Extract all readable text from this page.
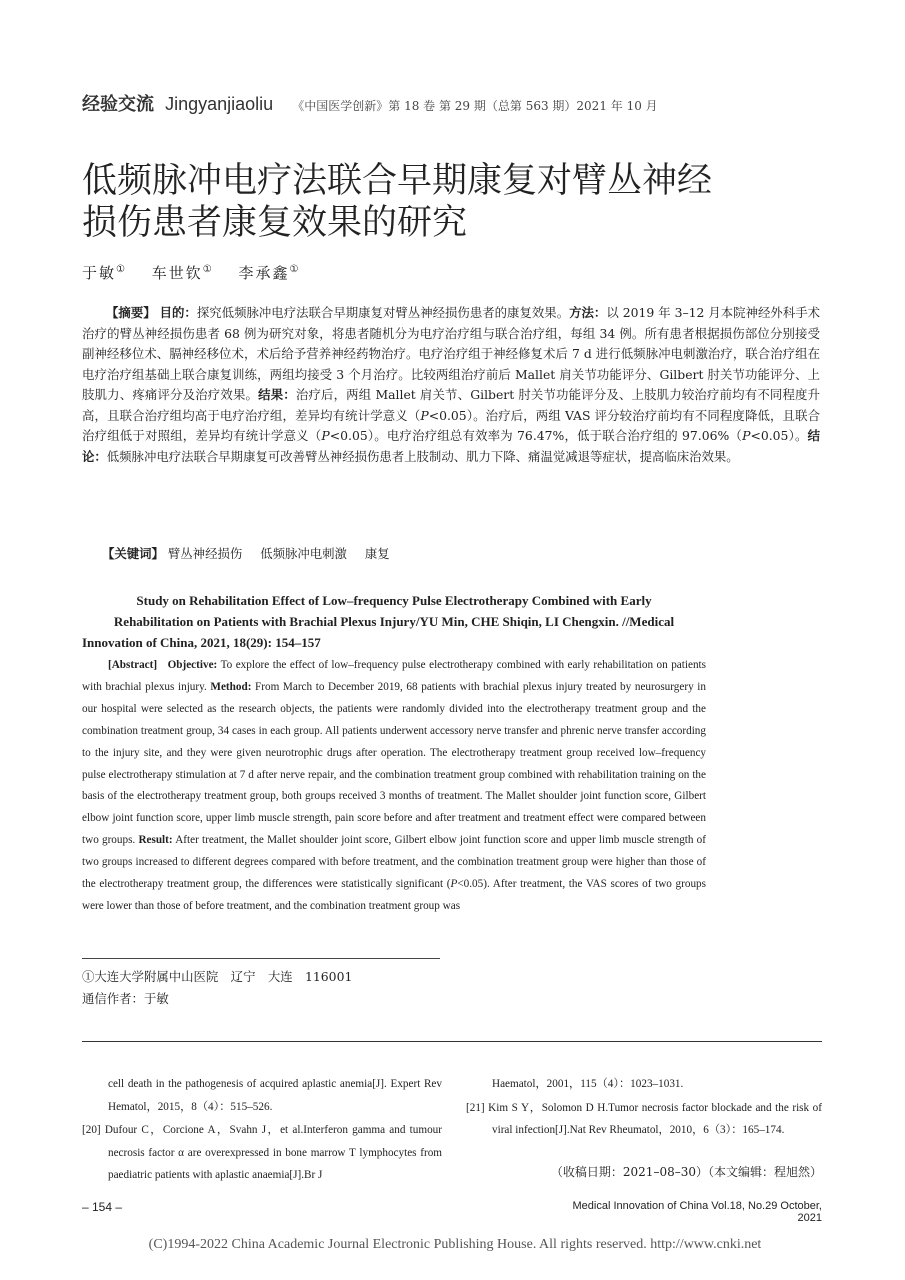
经验交流 Jingyanjiaoliu 《中国医学创新》第 18 卷 第 29 期（总第 563 期）2021 年 10 月
低频脉冲电疗法联合早期康复对臂丛神经
损伤患者康复效果的研究
于敏① 车世钦① 李承鑫①

【摘要】 目的：探究低频脉冲电疗法联合早期康复对臂丛神经损伤患者的康复效果。方法：以 2019 年 3–12 月本院神经外科手术治疗的臂丛神经损伤患者 68 例为研究对象，将患者随机分为电疗治疗组与联合治疗组，每组 34 例。所有患者根据损伤部位分别接受副神经移位术、膈神经移位术，术后给予营养神经药物治疗。电疗治疗组于神经修复术后 7 d 进行低频脉冲电刺激治疗，联合治疗组在电疗治疗组基础上联合康复训练，两组均接受 3 个月治疗。比较两组治疗前后 Mallet 肩关节功能评分、Gilbert 肘关节功能评分、上肢肌力、疼痛评分及治疗效果。结果：治疗后，两组 Mallet 肩关节、Gilbert 肘关节功能评分及、上肢肌力较治疗前均有不同程度升高，且联合治疗组均高于电疗治疗组，差异均有统计学意义（P<0.05）。治疗后，两组 VAS 评分较治疗前均有不同程度降低，且联合治疗组低于对照组，差异均有统计学意义（P<0.05）。电疗治疗组总有效率为 76.47%，低于联合治疗组的 97.06%（P<0.05）。结论：低频脉冲电疗法联合早期康复可改善臂丛神经损伤患者上肢制动、肌力下降、痛温觉减退等症状，提高临床治效果。

【关键词】 臂丛神经损伤 低频脉冲电刺激 康复
Study on Rehabilitation Effect of Low–frequency Pulse Electrotherapy Combined with Early
Rehabilitation on Patients with Brachial Plexus Injury/YU Min, CHE Shiqin, LI Chengxin. //Medical
Innovation of China, 2021, 18(29): 154–157

[Abstract] Objective: To explore the effect of low–frequency pulse electrotherapy combined with early rehabilitation on patients with brachial plexus injury. Method: From March to December 2019, 68 patients with brachial plexus injury treated by neurosurgery in our hospital were selected as the research objects, the patients were randomly divided into the electrotherapy treatment group and the combination treatment group, 34 cases in each group. All patients underwent accessory nerve transfer and phrenic nerve transfer according to the injury site, and they were given neurotrophic drugs after operation. The electrotherapy treatment group received low–frequency pulse electrotherapy stimulation at 7 d after nerve repair, and the combination treatment group combined with rehabilitation training on the basis of the electrotherapy treatment group, both groups received 3 months of treatment. The Mallet shoulder joint function score, Gilbert elbow joint function score, upper limb muscle strength, pain score before and after treatment and treatment effect were compared between two groups. Result: After treatment, the Mallet shoulder joint score, Gilbert elbow joint function score and upper limb muscle strength of two groups increased to different degrees compared with before treatment, and the combination treatment group were higher than those of the electrotherapy treatment group, the differences were statistically significant (P<0.05). After treatment, the VAS scores of two groups were lower than those of before treatment, and the combination treatment group was

①大连大学附属中山医院　辽宁　大连　116001
通信作者：于敏

cell death in the pathogenesis of acquired aplastic anemia[J]. Expert Rev Hematol，2015，8（4）：515–526.

[20] Dufour C，Corcione A，Svahn J，et al.Interferon gamma and tumour necrosis factor α are overexpressed in bone marrow T lymphocytes from paediatric patients with aplastic anaemia[J].Br J

Haematol，2001，115（4）：1023–1031.

[21] Kim S Y，Solomon D H.Tumor necrosis factor blockade and the risk of viral infection[J].Nat Rev Rheumatol，2010，6（3）：165–174.

（收稿日期：2021–08–30）（本文编辑：程旭然）
– 154 –	Medical Innovation of China Vol.18, No.29 October, 2021
(C)1994-2022 China Academic Journal Electronic Publishing House. All rights reserved. http://www.cnki.net
